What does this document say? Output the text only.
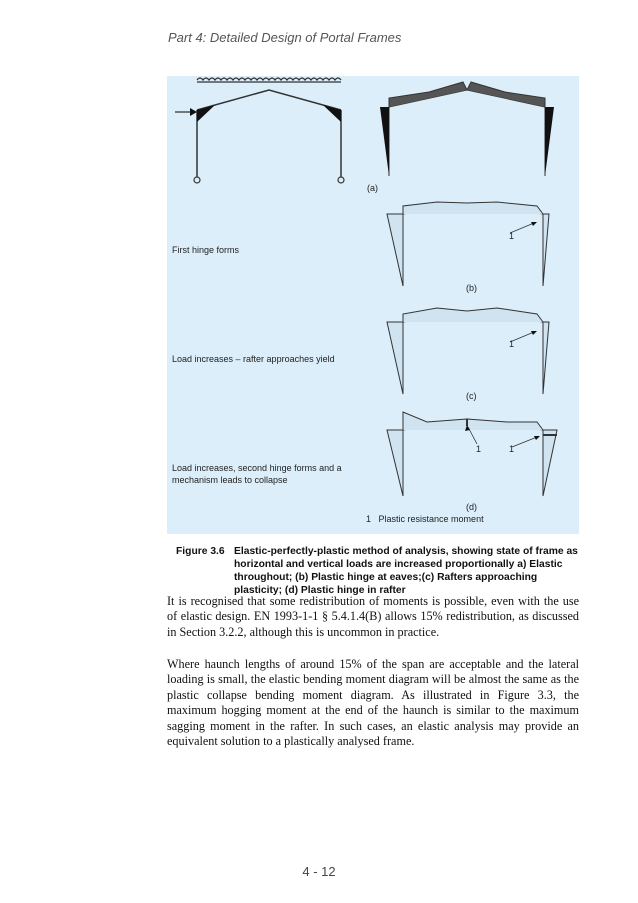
Part 4: Detailed Design of Portal Frames
(a)
First hinge forms
1
(b)
Load increases – rafter approaches yield
1
(c)
Load increases, second hinge forms and a mechanism leads to collapse
1	1
(d)
1 Plastic resistance moment
Figure 3.6 Elastic-perfectly-plastic method of analysis, showing state of frame as horizontal and vertical loads are increased proportionally a) Elastic throughout; (b) Plastic hinge at eaves;(c) Rafters approaching plasticity; (d) Plastic hinge in rafter

It is recognised that some redistribution of moments is possible, even with the use of elastic design. EN 1993-1-1 § 5.4.1.4(B) allows 15% redistribution, as discussed in Section 3.2.2, although this is uncommon in practice.

Where haunch lengths of around 15% of the span are acceptable and the lateral loading is small, the elastic bending moment diagram will be almost the same as the plastic collapse bending moment diagram. As illustrated in Figure 3.3, the maximum hogging moment at the end of the haunch is similar to the maximum sagging moment in the rafter. In such cases, an elastic analysis may provide an equivalent solution to a plastically analysed frame.

4 - 12
